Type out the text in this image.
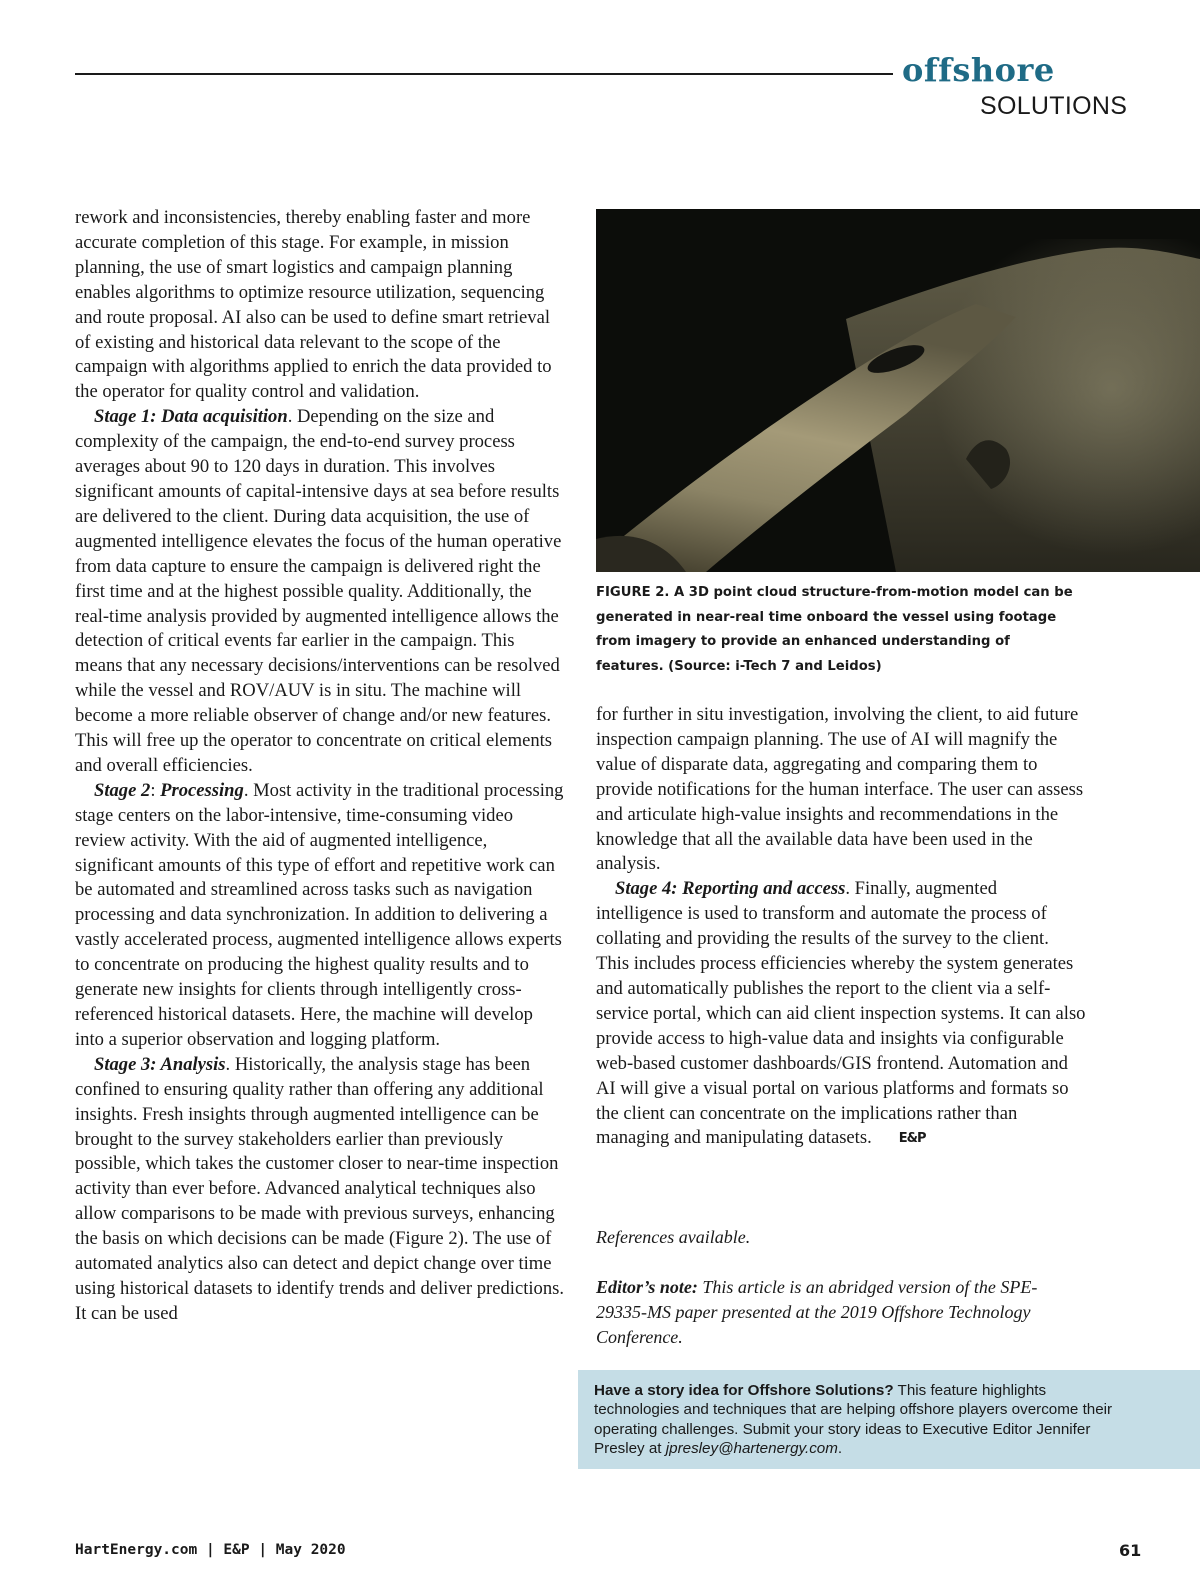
offshore
SOLUTIONS

rework and inconsistencies, thereby enabling faster and more accurate completion of this stage. For example, in mission planning, the use of smart logistics and campaign planning enables algorithms to optimize resource utilization, sequencing and route proposal. AI also can be used to define smart retrieval of existing and historical data relevant to the scope of the campaign with algorithms applied to enrich the data provided to the operator for quality control and validation.

Stage 1: Data acquisition. Depending on the size and complexity of the campaign, the end-to-end survey process averages about 90 to 120 days in duration. This involves significant amounts of capital-intensive days at sea before results are delivered to the client. During data acquisition, the use of augmented intelligence elevates the focus of the human operative from data capture to ensure the campaign is delivered right the first time and at the highest possible quality. Additionally, the real-time analysis provided by augmented intelligence allows the detection of critical events far earlier in the campaign. This means that any necessary decisions/interventions can be resolved while the vessel and ROV/AUV is in situ. The machine will become a more reliable observer of change and/or new features. This will free up the operator to concentrate on critical elements and overall efficiencies.

Stage 2: Processing. Most activity in the traditional processing stage centers on the labor-intensive, time-consuming video review activity. With the aid of augmented intelligence, significant amounts of this type of effort and repetitive work can be automated and streamlined across tasks such as navigation processing and data synchronization. In addition to delivering a vastly accelerated process, augmented intelligence allows experts to concentrate on producing the highest quality results and to generate new insights for clients through intelligently cross-referenced historical datasets. Here, the machine will develop into a superior observation and logging platform.

Stage 3: Analysis. Historically, the analysis stage has been confined to ensuring quality rather than offering any additional insights. Fresh insights through augmented intelligence can be brought to the survey stakeholders earlier than previously possible, which takes the customer closer to near-time inspection activity than ever before. Advanced analytical techniques also allow comparisons to be made with previous surveys, enhancing the basis on which decisions can be made (Figure 2). The use of automated analytics also can detect and depict change over time using historical datasets to identify trends and deliver predictions. It can be used

FIGURE 2. A 3D point cloud structure-from-motion model can be generated in near-real time onboard the vessel using footage from imagery to provide an enhanced understanding of features. (Source: i-Tech 7 and Leidos)

for further in situ investigation, involving the client, to aid future inspection campaign planning. The use of AI will magnify the value of disparate data, aggregating and comparing them to provide notifications for the human interface. The user can assess and articulate high-value insights and recommendations in the knowledge that all the available data have been used in the analysis.

Stage 4: Reporting and access. Finally, augmented intelligence is used to transform and automate the process of collating and providing the results of the survey to the client. This includes process efficiencies whereby the system generates and automatically publishes the report to the client via a self-service portal, which can aid client inspection systems. It can also provide access to high-value data and insights via configurable web-based customer dashboards/GIS frontend. Automation and AI will give a visual portal on various platforms and formats so the client can concentrate on the implications rather than managing and manipulating datasets. E&P

References available.
Editor’s note: This article is an abridged version of the SPE-29335-MS paper presented at the 2019 Offshore Technology Conference.
Have a story idea for Offshore Solutions? This feature highlights technologies and techniques that are helping offshore players overcome their operating challenges. Submit your story ideas to Executive Editor Jennifer Presley at jpresley@hartenergy.com.
HartEnergy.com | E&P | May 2020	61
